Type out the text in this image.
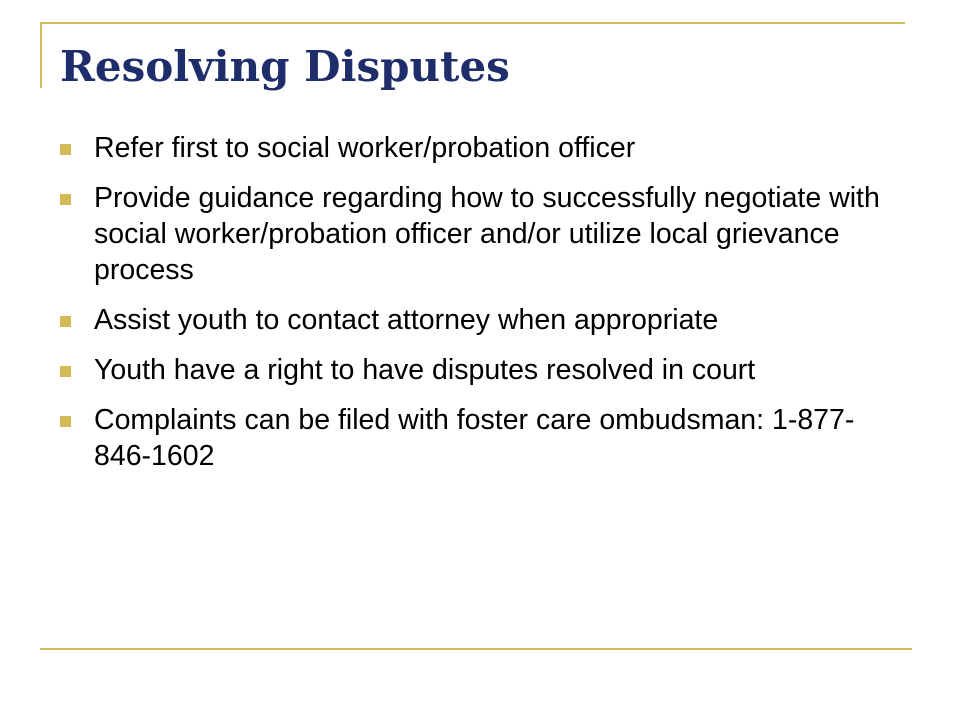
Resolving Disputes
Refer first to social worker/probation officer
Provide guidance regarding how to successfully negotiate with social worker/probation officer and/or utilize local grievance process
Assist youth to contact attorney when appropriate
Youth have a right to have disputes resolved in court
Complaints can be filed with foster care ombudsman: 1-877-846-1602
